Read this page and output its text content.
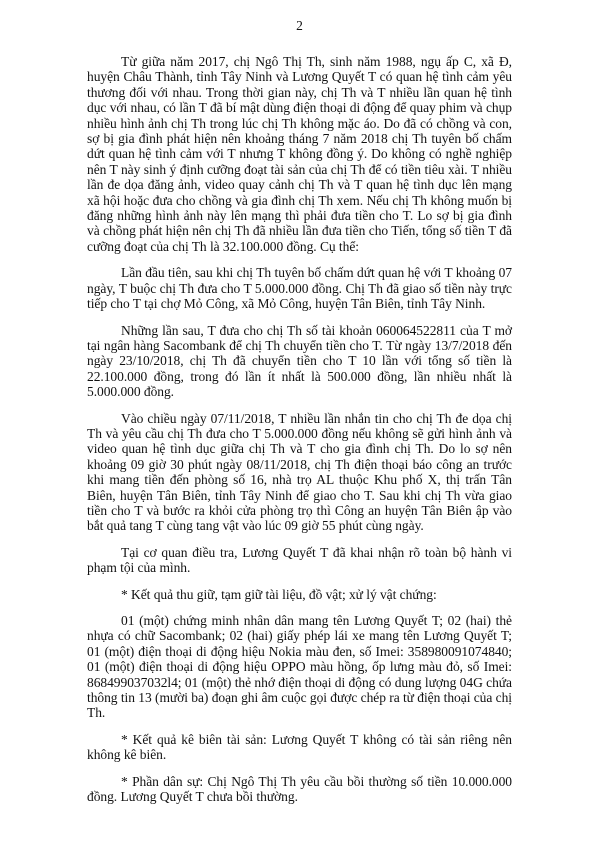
2

Từ giữa năm 2017, chị Ngô Thị Th, sinh năm 1988, ngụ ấp C, xã Đ, huyện Châu Thành, tỉnh Tây Ninh và Lương Quyết T có quan hệ tình cảm yêu thương đối với nhau. Trong thời gian này, chị Th và T nhiều lần quan hệ tình dục với nhau, có lần T đã bí mật dùng điện thoại di động để quay phim và chụp nhiều hình ảnh chị Th trong lúc chị Th không mặc áo. Do đã có chồng và con, sợ bị gia đình phát hiện nên khoảng tháng 7 năm 2018 chị Th tuyên bố chấm dứt quan hệ tình cảm với T nhưng T không đồng ý. Do không có nghề nghiệp nên T này sinh ý định cưỡng đoạt tài sản của chị Th để có tiền tiêu xài. T nhiều lần đe dọa đăng ảnh, video quay cảnh chị Th và T quan hệ tình dục lên mạng xã hội hoặc đưa cho chồng và gia đình chị Th xem. Nếu chị Th không muốn bị đăng những hình ảnh này lên mạng thì phải đưa tiền cho T. Lo sợ bị gia đình và chồng phát hiện nên chị Th đã nhiều lần đưa tiền cho Tiến, tổng số tiền T đã cưỡng đoạt của chị Th là 32.100.000 đồng. Cụ thể:

Lần đầu tiên, sau khi chị Th tuyên bố chấm dứt quan hệ với T khoảng 07 ngày, T buộc chị Th đưa cho T 5.000.000 đồng. Chị Th đã giao số tiền này trực tiếp cho T tại chợ Mỏ Công, xã Mỏ Công, huyện Tân Biên, tỉnh Tây Ninh.

Những lần sau, T đưa cho chị Th số tài khoản 060064522811 của T mở tại ngân hàng Sacombank để chị Th chuyển tiền cho T. Từ ngày 13/7/2018 đến ngày 23/10/2018, chị Th đã chuyển tiền cho T 10 lần với tổng số tiền là 22.100.000 đồng, trong đó lần ít nhất là 500.000 đồng, lần nhiều nhất là 5.000.000 đồng.

Vào chiều ngày 07/11/2018, T nhiều lần nhắn tin cho chị Th đe dọa chị Th và yêu cầu chị Th đưa cho T 5.000.000 đồng nếu không sẽ gửi hình ảnh và video quan hệ tình dục giữa chị Th và T cho gia đình chị Th. Do lo sợ nên khoảng 09 giờ 30 phút ngày 08/11/2018, chị Th điện thoại báo công an trước khi mang tiền đến phòng số 16, nhà trọ AL thuộc Khu phố X, thị trấn Tân Biên, huyện Tân Biên, tỉnh Tây Ninh để giao cho T. Sau khi chị Th vừa giao tiền cho T và bước ra khỏi cửa phòng trọ thì Công an huyện Tân Biên ập vào bắt quả tang T cùng tang vật vào lúc 09 giờ 55 phút cùng ngày.

Tại cơ quan điều tra, Lương Quyết T đã khai nhận rõ toàn bộ hành vi phạm tội của mình.

* Kết quả thu giữ, tạm giữ tài liệu, đồ vật; xử lý vật chứng:

01 (một) chứng minh nhân dân mang tên Lương Quyết T; 02 (hai) thẻ nhựa có chữ Sacombank; 02 (hai) giấy phép lái xe mang tên Lương Quyết T; 01 (một) điện thoại di động hiệu Nokia màu đen, số Imei: 358980091074840; 01 (một) điện thoại di động hiệu OPPO màu hồng, ốp lưng màu đỏ, số Imei: 868499037032l4; 01 (một) thẻ nhớ điện thoại di động có dung lượng 04G chứa thông tin 13 (mười ba) đoạn ghi âm cuộc gọi được chép ra từ điện thoại của chị Th.

* Kết quả kê biên tài sản: Lương Quyết T không có tài sản riêng nên không kê biên.

* Phần dân sự: Chị Ngô Thị Th yêu cầu bồi thường số tiền 10.000.000 đồng. Lương Quyết T chưa bồi thường.
